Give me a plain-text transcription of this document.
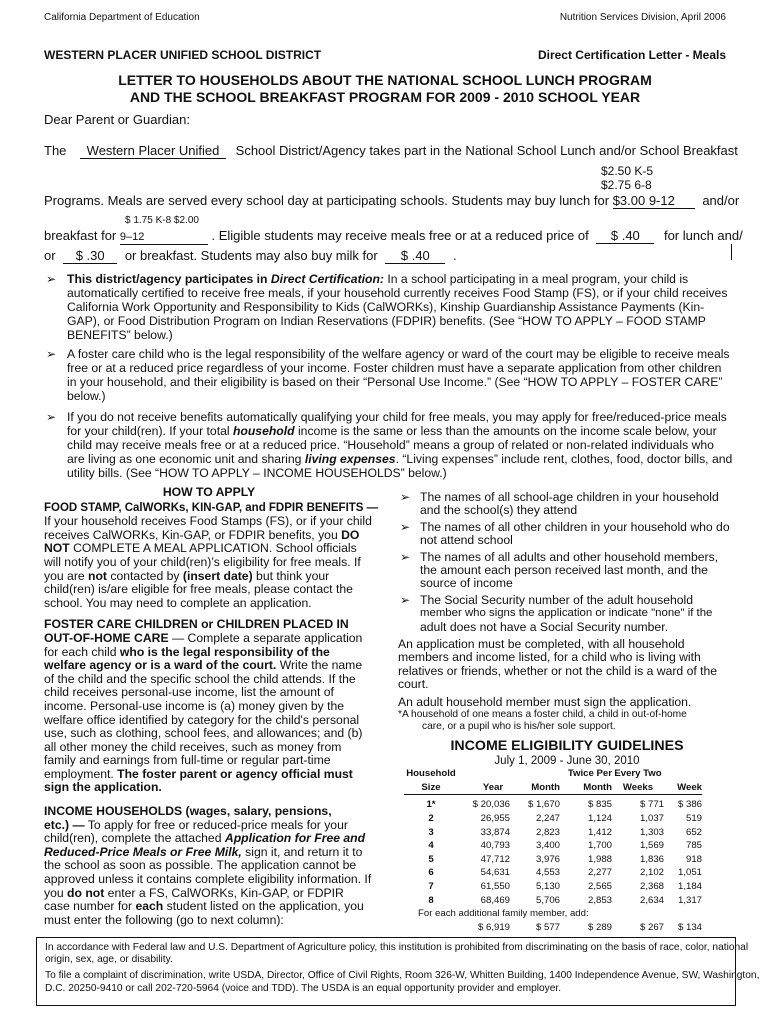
California Department of Education	Nutrition Services Division, April 2006
WESTERN PLACER UNIFIED SCHOOL DISTRICT	Direct Certification Letter - Meals
LETTER TO HOUSEHOLDS ABOUT THE NATIONAL SCHOOL LUNCH PROGRAM
AND THE SCHOOL BREAKFAST PROGRAM FOR 2009 - 2010 SCHOOL YEAR
Dear Parent or Guardian:
The Western Placer Unified School District/Agency takes part in the National School Lunch and/or School Breakfast
$2.50 K-5
$2.75 6-8
Programs. Meals are served every school day at participating schools. Students may buy lunch for $3.00 9-12 and/or
$ 1.75 K-8 $2.00
breakfast for 9–12	. Eligible students may receive meals free or at a reduced price of $ .40 for lunch and/
or $ .30 or breakfast. Students may also buy milk for $ .40 .
➢ This district/agency participates in Direct Certification: In a school participating in a meal program, your child is
automatically certified to receive free meals, if your household currently receives Food Stamp (FS), or if your child receives
California Work Opportunity and Responsibility to Kids (CalWORKs), Kinship Guardianship Assistance Payments (Kin-
GAP), or Food Distribution Program on Indian Reservations (FDPIR) benefits. (See “HOW TO APPLY – FOOD STAMP
BENEFITS” below.)
➢ A foster care child who is the legal responsibility of the welfare agency or ward of the court may be eligible to receive meals
free or at a reduced price regardless of your income. Foster children must have a separate application from other children
in your household, and their eligibility is based on their “Personal Use Income.” (See “HOW TO APPLY – FOSTER CARE”
below.)
➢ If you do not receive benefits automatically qualifying your child for free meals, you may apply for free/reduced-price meals
for your child(ren). If your total household income is the same or less than the amounts on the income scale below, your
child may receive meals free or at a reduced price. “Household” means a group of related or non-related individuals who
are living as one economic unit and sharing living expenses. “Living expenses” include rent, clothes, food, doctor bills, and
utility bills. (See “HOW TO APPLY – INCOME HOUSEHOLDS” below.)
HOW TO APPLY
FOOD STAMP, CalWORKs, KIN-GAP, and FDPIR BENEFITS —
If your household receives Food Stamps (FS), or if your child
receives CalWORKs, Kin-GAP, or FDPIR benefits, you DO
NOT COMPLETE A MEAL APPLICATION. School officials
will notify you of your child(ren)’s eligibility for free meals. If
you are not contacted by (insert date) but think your
child(ren) is/are eligible for free meals, please contact the
school. You may need to complete an application.
FOSTER CARE CHILDREN or CHILDREN PLACED IN
OUT-OF-HOME CARE — Complete a separate application
for each child who is the legal responsibility of the
welfare agency or is a ward of the court. Write the name
of the child and the specific school the child attends. If the
child receives personal-use income, list the amount of
income. Personal-use income is (a) money given by the
welfare office identified by category for the child's personal
use, such as clothing, school fees, and allowances; and (b)
all other money the child receives, such as money from
family and earnings from full-time or regular part-time
employment. The foster parent or agency official must
sign the application.
INCOME HOUSEHOLDS (wages, salary, pensions,
etc.) — To apply for free or reduced-price meals for your
child(ren), complete the attached Application for Free and
Reduced-Price Meals or Free Milk, sign it, and return it to
the school as soon as possible. The application cannot be
approved unless it contains complete eligibility information. If
you do not enter a FS, CalWORKs, Kin-GAP, or FDPIR
case number for each student listed on the application, you
must enter the following (go to next column):
➢ The names of all school-age children in your household
and the school(s) they attend
➢ The names of all other children in your household who do
not attend school
➢ The names of all adults and other household members,
the amount each person received last month, and the
source of income
➢ The Social Security number of the adult household
member who signs the application or indicate "none" if the
adult does not have a Social Security number.
An application must be completed, with all household
members and income listed, for a child who is living with
relatives or friends, whether or not the child is a ward of the
court.
An adult household member must sign the application.
*A household of one means a foster child, a child in out-of-home
care, or a pupil who is his/her sole support.
INCOME ELIGIBILITY GUIDELINES
July 1, 2009 - June 30, 2010
Household			Twice Per	Every Two	
Size	Year	Month	Month	Weeks	Week

1*	$ 20,036	$ 1,670	$ 835	$ 771	$ 386
2	26,955	2,247	1,124	1,037	519
3	33,874	2,823	1,412	1,303	652
4	40,793	3,400	1,700	1,569	785
5	47,712	3,976	1,988	1,836	918
6	54,631	4,553	2,277	2,102	1,051
7	61,550	5,130	2,565	2,368	1,184
8	68,469	5,706	2,853	2,634	1,317
For each additional family member, add:					
	$ 6,919	$ 577	$ 289	$ 267	$ 134
In accordance with Federal law and U.S. Department of Agriculture policy, this institution is prohibited from discriminating on the basis of race, color, national
origin, sex, age, or disability.
To file a complaint of discrimination, write USDA, Director, Office of Civil Rights, Room 326-W, Whitten Building, 1400 Independence Avenue, SW, Washington,
D.C. 20250-9410 or call 202-720-5964 (voice and TDD). The USDA is an equal opportunity provider and employer.
